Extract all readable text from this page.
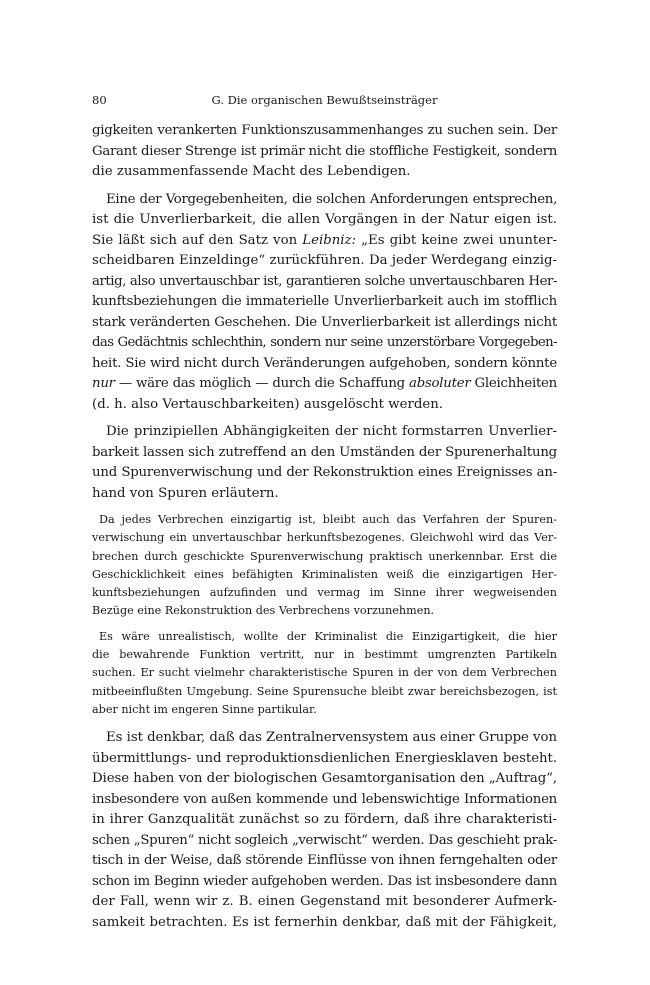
80	G. Die organischen Bewußtseinsträger

gigkeiten verankerten Funktionszusammenhanges zu suchen sein. Der
Garant dieser Strenge ist primär nicht die stoffliche Festigkeit, sondern
die zusammenfassende Macht des Lebendigen.

Eine der Vorgegebenheiten, die solchen Anforderungen entsprechen,
ist die Unverlierbarkeit, die allen Vorgängen in der Natur eigen ist.
Sie läßt sich auf den Satz von Leibniz: „Es gibt keine zwei ununter-
scheidbaren Einzeldinge“ zurückführen. Da jeder Werdegang einzig-
artig, also unvertauschbar ist, garantieren solche unvertauschbaren Her-
kunftsbeziehungen die immaterielle Unverlierbarkeit auch im stofflich
stark veränderten Geschehen. Die Unverlierbarkeit ist allerdings nicht
das Gedächtnis schlechthin, sondern nur seine unzerstörbare Vorgegeben-
heit. Sie wird nicht durch Veränderungen aufgehoben, sondern könnte
nur — wäre das möglich — durch die Schaffung absoluter Gleichheiten
(d. h. also Vertauschbarkeiten) ausgelöscht werden.

Die prinzipiellen Abhängigkeiten der nicht formstarren Unverlier-
barkeit lassen sich zutreffend an den Umständen der Spurenerhaltung
und Spurenverwischung und der Rekonstruktion eines Ereignisses an-
hand von Spuren erläutern.

Da jedes Verbrechen einzigartig ist, bleibt auch das Verfahren der Spuren-
verwischung ein unvertauschbar herkunftsbezogenes. Gleichwohl wird das Ver-
brechen durch geschickte Spurenverwischung praktisch unerkennbar. Erst die
Geschicklichkeit eines befähigten Kriminalisten weiß die einzigartigen Her-
kunftsbeziehungen aufzufinden und vermag im Sinne ihrer wegweisenden
Bezüge eine Rekonstruktion des Verbrechens vorzunehmen.

Es wäre unrealistisch, wollte der Kriminalist die Einzigartigkeit, die hier
die bewahrende Funktion vertritt, nur in bestimmt umgrenzten Partikeln
suchen. Er sucht vielmehr charakteristische Spuren in der von dem Verbrechen
mitbeeinflußten Umgebung. Seine Spurensuche bleibt zwar bereichsbezogen, ist
aber nicht im engeren Sinne partikular.

Es ist denkbar, daß das Zentralnervensystem aus einer Gruppe von
übermittlungs- und reproduktionsdienlichen Energiesklaven besteht.
Diese haben von der biologischen Gesamtorganisation den „Auftrag“,
insbesondere von außen kommende und lebenswichtige Informationen
in ihrer Ganzqualität zunächst so zu fördern, daß ihre charakteristi-
schen „Spuren“ nicht sogleich „verwischt“ werden. Das geschieht prak-
tisch in der Weise, daß störende Einflüsse von ihnen ferngehalten oder
schon im Beginn wieder aufgehoben werden. Das ist insbesondere dann
der Fall, wenn wir z. B. einen Gegenstand mit besonderer Aufmerk-
samkeit betrachten. Es ist fernerhin denkbar, daß mit der Fähigkeit,
